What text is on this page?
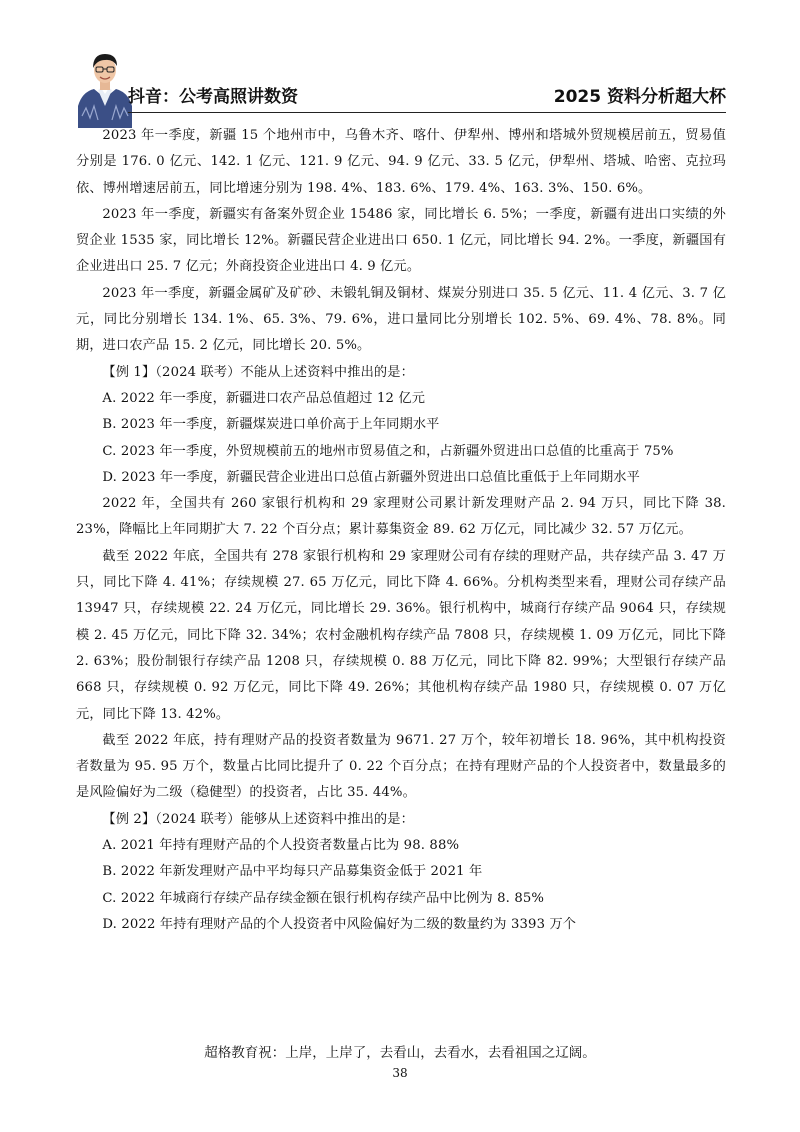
抖音：公考高照讲数资	2025 资料分析超大杯

2023 年一季度，新疆 15 个地州市中，乌鲁木齐、喀什、伊犁州、博州和塔城外贸规模居前五，贸易值分别是 176. 0 亿元、142. 1 亿元、121. 9 亿元、94. 9 亿元、33. 5 亿元，伊犁州、塔城、哈密、克拉玛依、博州增速居前五，同比增速分别为 198. 4%、183. 6%、179. 4%、163. 3%、150. 6%。

2023 年一季度，新疆实有备案外贸企业 15486 家，同比增长 6. 5%；一季度，新疆有进出口实绩的外贸企业 1535 家，同比增长 12%。新疆民营企业进出口 650. 1 亿元，同比增长 94. 2%。一季度，新疆国有企业进出口 25. 7 亿元；外商投资企业进出口 4. 9 亿元。

2023 年一季度，新疆金属矿及矿砂、未锻轧铜及铜材、煤炭分别进口 35. 5 亿元、11. 4 亿元、3. 7 亿元，同比分别增长 134. 1%、65. 3%、79. 6%，进口量同比分别增长 102. 5%、69. 4%、78. 8%。同期，进口农产品 15. 2 亿元，同比增长 20. 5%。

【例 1】（2024 联考）不能从上述资料中推出的是：

A. 2022 年一季度，新疆进口农产品总值超过 12 亿元

B. 2023 年一季度，新疆煤炭进口单价高于上年同期水平

C. 2023 年一季度，外贸规模前五的地州市贸易值之和，占新疆外贸进出口总值的比重高于 75%

D. 2023 年一季度，新疆民营企业进出口总值占新疆外贸进出口总值比重低于上年同期水平

2022 年，全国共有 260 家银行机构和 29 家理财公司累计新发理财产品 2. 94 万只，同比下降 38. 23%，降幅比上年同期扩大 7. 22 个百分点；累计募集资金 89. 62 万亿元，同比减少 32. 57 万亿元。

截至 2022 年底，全国共有 278 家银行机构和 29 家理财公司有存续的理财产品，共存续产品 3. 47 万只，同比下降 4. 41%；存续规模 27. 65 万亿元，同比下降 4. 66%。分机构类型来看，理财公司存续产品 13947 只，存续规模 22. 24 万亿元，同比增长 29. 36%。银行机构中，城商行存续产品 9064 只，存续规模 2. 45 万亿元，同比下降 32. 34%；农村金融机构存续产品 7808 只，存续规模 1. 09 万亿元，同比下降 2. 63%；股份制银行存续产品 1208 只，存续规模 0. 88 万亿元，同比下降 82. 99%；大型银行存续产品 668 只，存续规模 0. 92 万亿元，同比下降 49. 26%；其他机构存续产品 1980 只，存续规模 0. 07 万亿元，同比下降 13. 42%。

截至 2022 年底，持有理财产品的投资者数量为 9671. 27 万个，较年初增长 18. 96%，其中机构投资者数量为 95. 95 万个，数量占比同比提升了 0. 22 个百分点；在持有理财产品的个人投资者中，数量最多的是风险偏好为二级（稳健型）的投资者，占比 35. 44%。

【例 2】（2024 联考）能够从上述资料中推出的是：

A. 2021 年持有理财产品的个人投资者数量占比为 98. 88%

B. 2022 年新发理财产品中平均每只产品募集资金低于 2021 年

C. 2022 年城商行存续产品存续金额在银行机构存续产品中比例为 8. 85%

D. 2022 年持有理财产品的个人投资者中风险偏好为二级的数量约为 3393 万个

超格教育祝：上岸，上岸了，去看山，去看水，去看祖国之辽阔。
38
